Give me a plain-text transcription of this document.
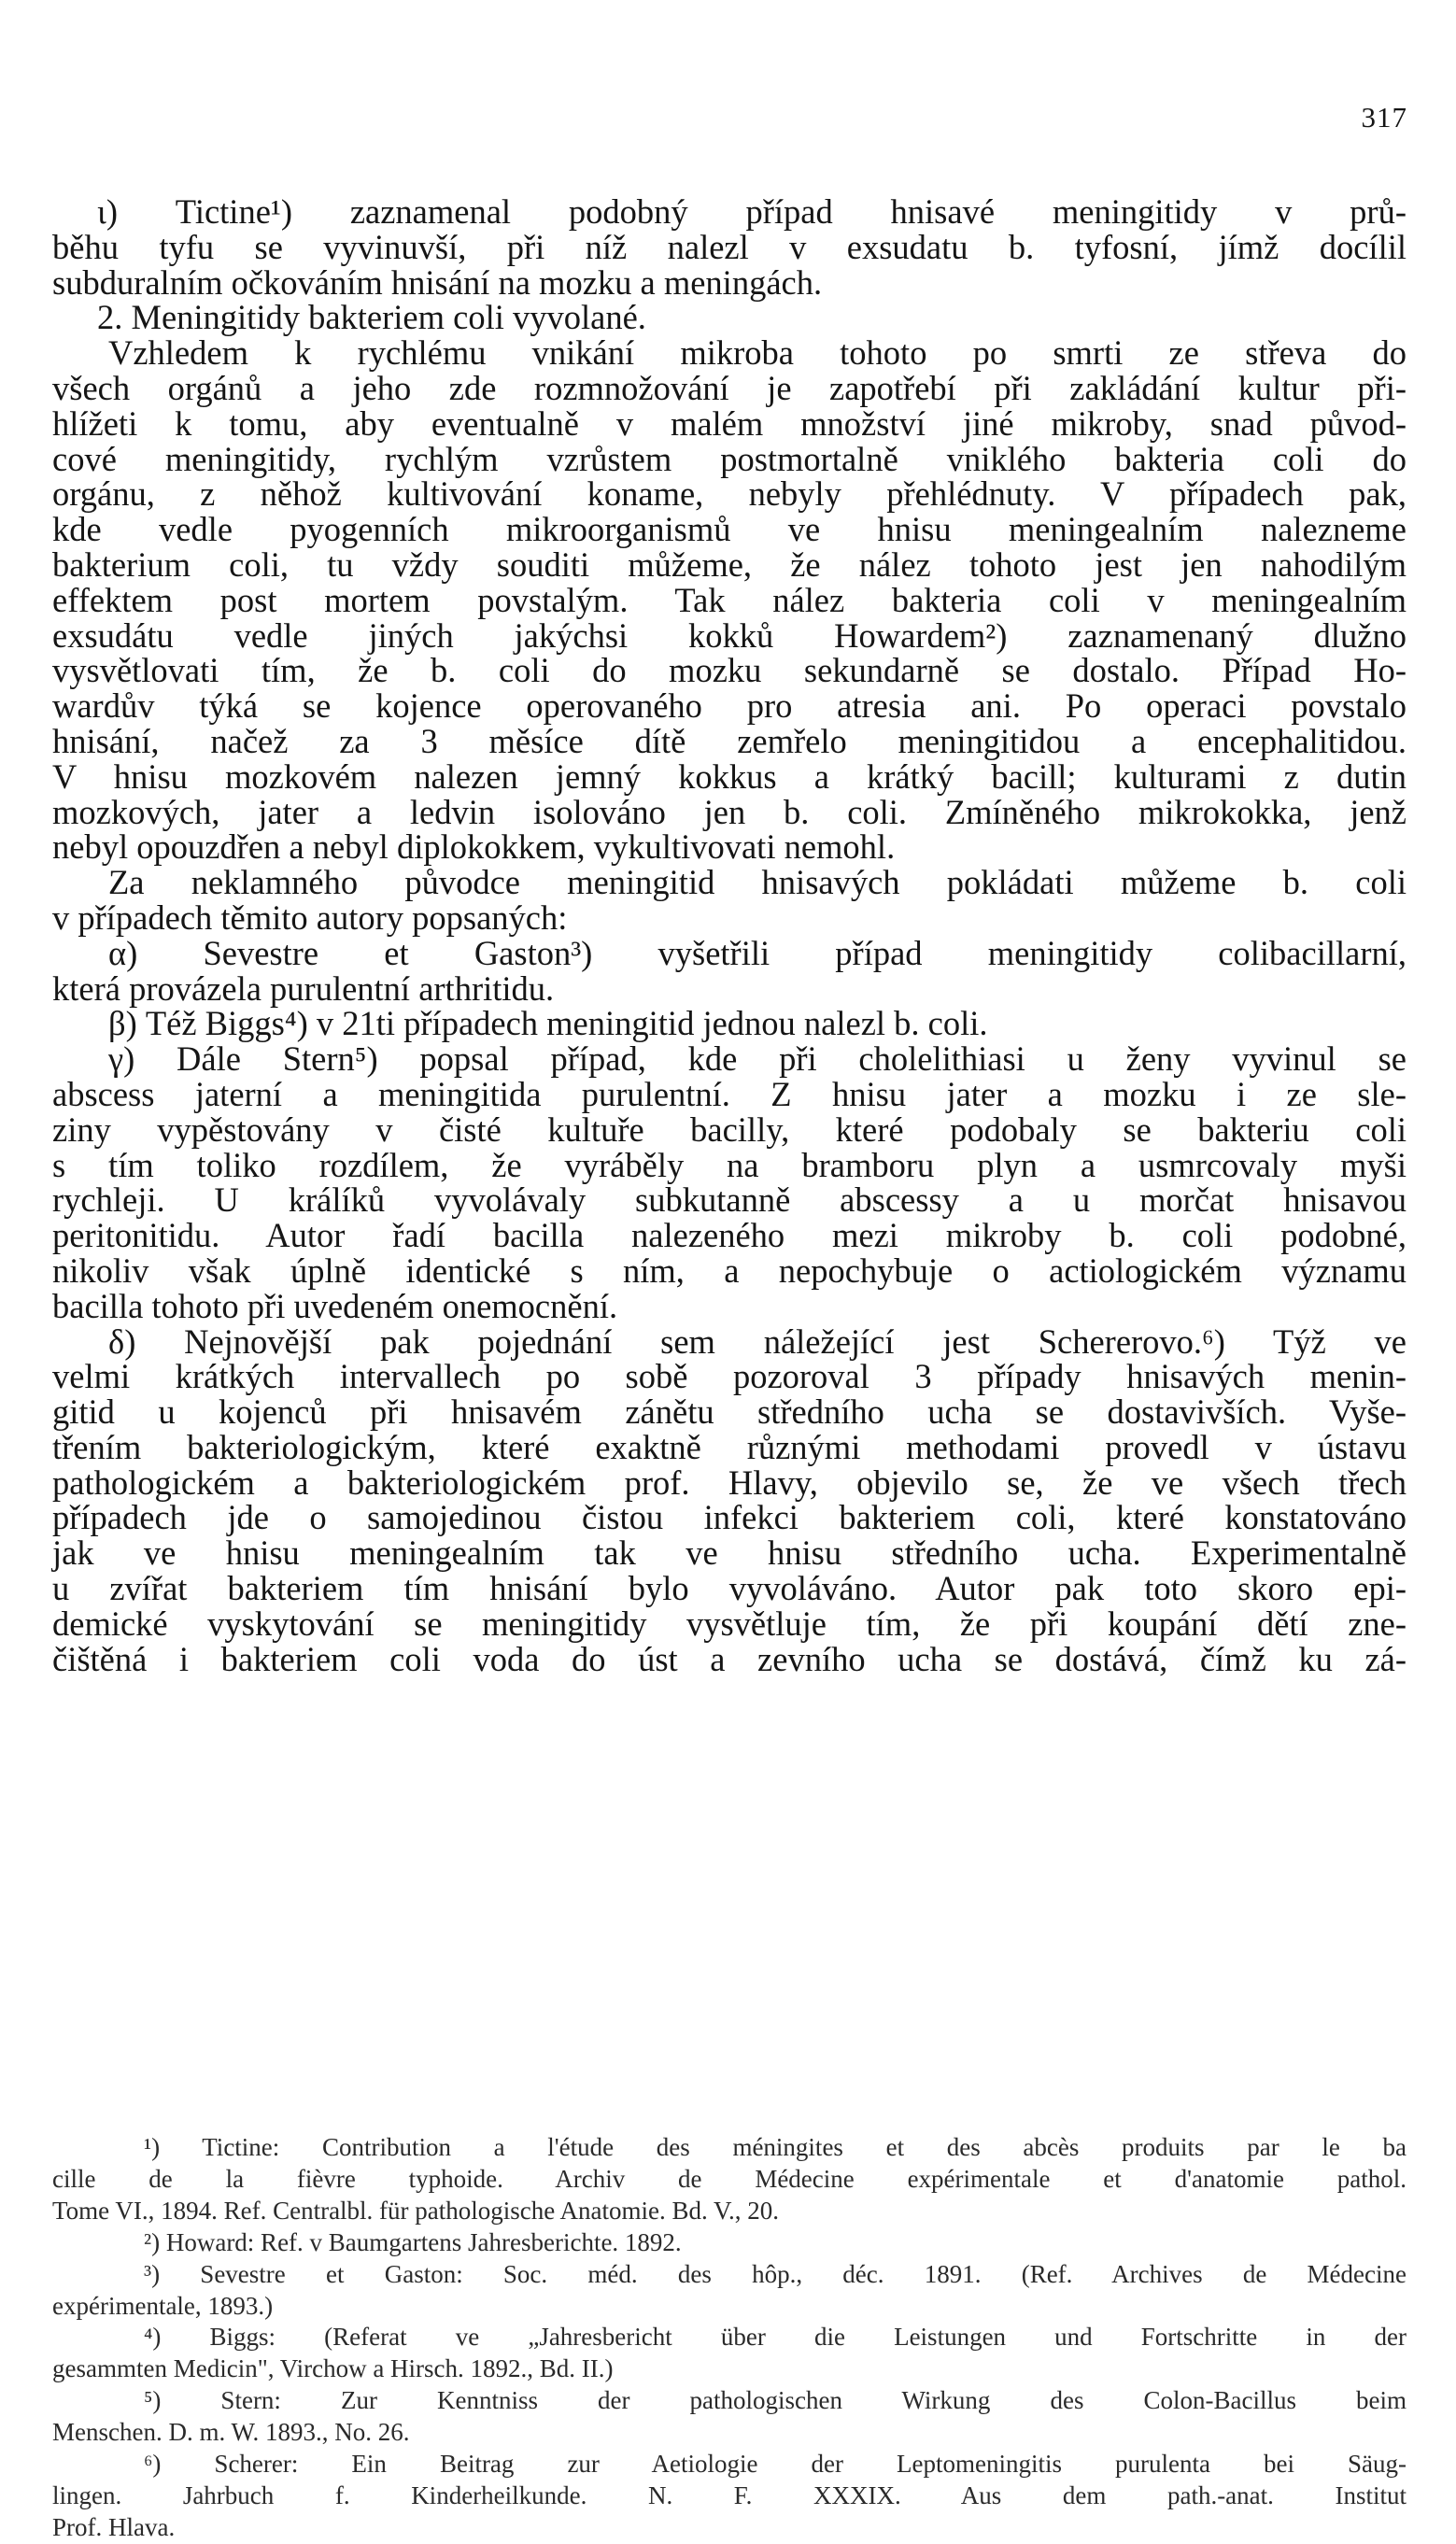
317
ι) Tictine¹) zaznamenal podobný případ hnisavé meningitidy v prů-
běhu tyfu se vyvinuvší, při níž nalezl v exsudatu b. tyfosní, jímž docílil
subduralním očkováním hnisání na mozku a meningách.
2. Meningitidy bakteriem coli vyvolané.
Vzhledem k rychlému vnikání mikroba tohoto po smrti ze střeva do
všech orgánů a jeho zde rozmnožování je zapotřebí při zakládání kultur při-
hlížeti k tomu, aby eventualně v malém množství jiné mikroby, snad původ-
cové meningitidy, rychlým vzrůstem postmortalně vniklého bakteria coli do
orgánu, z něhož kultivování koname, nebyly přehlédnuty. V případech pak,
kde vedle pyogenních mikroorganismů ve hnisu meningealním nalezneme
bakterium coli, tu vždy souditi můžeme, že nález tohoto jest jen nahodilým
effektem post mortem povstalým. Tak nález bakteria coli v meningealním
exsudátu vedle jiných jakýchsi kokků Howardem²) zaznamenaný dlužno
vysvětlovati tím, že b. coli do mozku sekundarně se dostalo. Případ Ho-
wardův týká se kojence operovaného pro atresia ani. Po operaci povstalo
hnisání, načež za 3 měsíce dítě zemřelo meningitidou a encephalitidou.
V hnisu mozkovém nalezen jemný kokkus a krátký bacill; kulturami z dutin
mozkových, jater a ledvin isolováno jen b. coli. Zmíněného mikrokokka, jenž
nebyl opouzdřen a nebyl diplokokkem, vykultivovati nemohl.
Za neklamného původce meningitid hnisavých pokládati můžeme b. coli
v případech těmito autory popsaných:
α) Sevestre et Gaston³) vyšetřili případ meningitidy colibacillarní,
která provázela purulentní arthritidu.
β) Též Biggs⁴) v 21ti případech meningitid jednou nalezl b. coli.
γ) Dále Stern⁵) popsal případ, kde při cholelithiasi u ženy vyvinul se
abscess jaterní a meningitida purulentní. Z hnisu jater a mozku i ze sle-
ziny vypěstovány v čisté kultuře bacilly, které podobaly se bakteriu coli
s tím toliko rozdílem, že vyráběly na bramboru plyn a usmrcovaly myši
rychleji. U králíků vyvolávaly subkutanně abscessy a u morčat hnisavou
peritonitidu. Autor řadí bacilla nalezeného mezi mikroby b. coli podobné,
nikoliv však úplně identické s ním, a nepochybuje o actiologickém významu
bacilla tohoto při uvedeném onemocnění.
δ) Nejnovější pak pojednání sem náležející jest Schererovo.⁶) Týž ve
velmi krátkých intervallech po sobě pozoroval 3 případy hnisavých menin-
gitid u kojenců při hnisavém zánětu středního ucha se dostavivších. Vyše-
třením bakteriologickým, které exaktně různými methodami provedl v ústavu
pathologickém a bakteriologickém prof. Hlavy, objevilo se, že ve všech třech
případech jde o samojedinou čistou infekci bakteriem coli, které konstatováno
jak ve hnisu meningealním tak ve hnisu středního ucha. Experimentalně
u zvířat bakteriem tím hnisání bylo vyvoláváno. Autor pak toto skoro epi-
demické vyskytování se meningitidy vysvětluje tím, že při koupání dětí zne-
čištěná i bakteriem coli voda do úst a zevního ucha se dostává, čímž ku zá-
¹) Tictine: Contribution a l'étude des méningites et des abcès produits par le ba
cille de la fièvre typhoide. Archiv de Médecine expérimentale et d'anatomie pathol.
Tome VI., 1894. Ref. Centralbl. für pathologische Anatomie. Bd. V., 20.
²) Howard: Ref. v Baumgartens Jahresberichte. 1892.
³) Sevestre et Gaston: Soc. méd. des hôp., déc. 1891. (Ref. Archives de Médecine
expérimentale, 1893.)
⁴) Biggs: (Referat ve „Jahresbericht über die Leistungen und Fortschritte in der
gesammten Medicin", Virchow a Hirsch. 1892., Bd. II.)
⁵) Stern: Zur Kenntniss der pathologischen Wirkung des Colon-Bacillus beim
Menschen. D. m. W. 1893., No. 26.
⁶) Scherer: Ein Beitrag zur Aetiologie der Leptomeningitis purulenta bei Säug-
lingen. Jahrbuch f. Kinderheilkunde. N. F. XXXIX. Aus dem path.-anat. Institut
Prof. Hlava.
